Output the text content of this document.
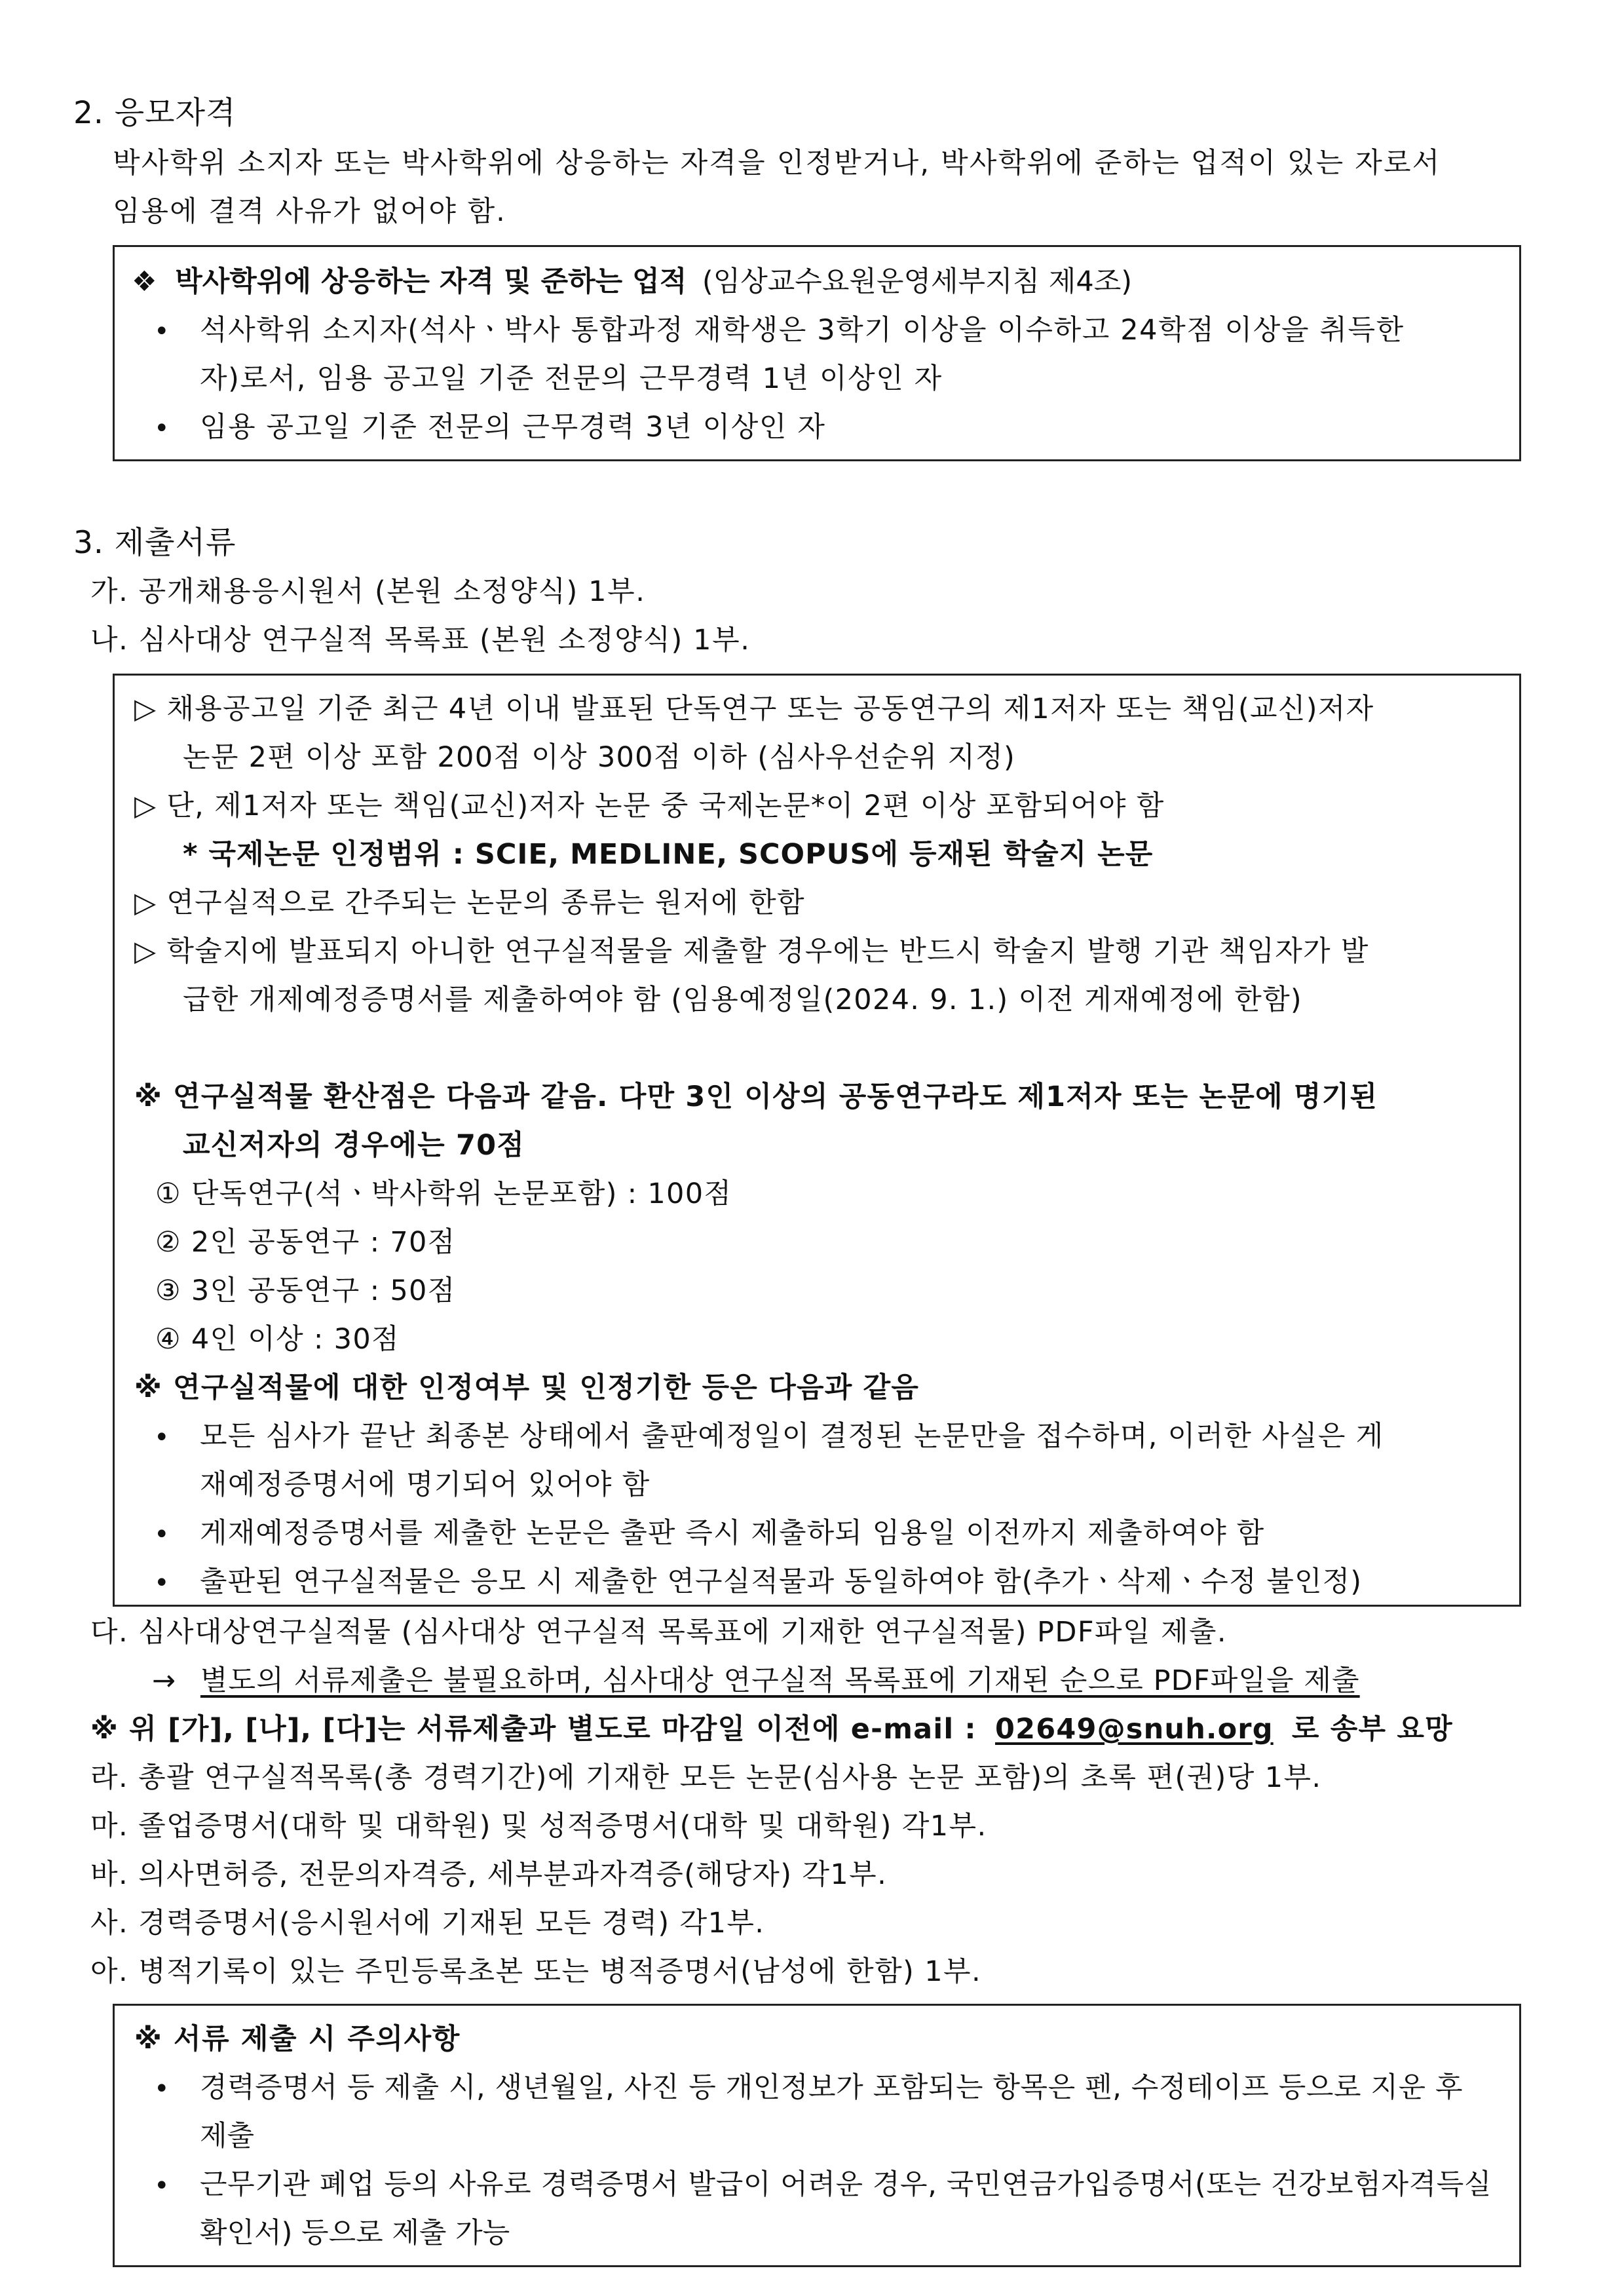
2. 응모자격
박사학위 소지자 또는 박사학위에 상응하는 자격을 인정받거나, 박사학위에 준하는 업적이 있는 자로서
임용에 결격 사유가 없어야 함.
❖ 박사학위에 상응하는 자격 및 준하는 업적 (임상교수요원운영세부지침 제4조)
• 석사학위 소지자(석사ㆍ박사 통합과정 재학생은 3학기 이상을 이수하고 24학점 이상을 취득한
자)로서, 임용 공고일 기준 전문의 근무경력 1년 이상인 자
• 임용 공고일 기준 전문의 근무경력 3년 이상인 자
3. 제출서류
가. 공개채용응시원서 (본원 소정양식) 1부.
나. 심사대상 연구실적 목록표 (본원 소정양식) 1부.
▷ 채용공고일 기준 최근 4년 이내 발표된 단독연구 또는 공동연구의 제1저자 또는 책임(교신)저자
논문 2편 이상 포함 200점 이상 300점 이하 (심사우선순위 지정)
▷ 단, 제1저자 또는 책임(교신)저자 논문 중 국제논문*이 2편 이상 포함되어야 함
* 국제논문 인정범위 : SCIE, MEDLINE, SCOPUS에 등재된 학술지 논문
▷ 연구실적으로 간주되는 논문의 종류는 원저에 한함
▷ 학술지에 발표되지 아니한 연구실적물을 제출할 경우에는 반드시 학술지 발행 기관 책임자가 발
급한 개제예정증명서를 제출하여야 함 (임용예정일(2024. 9. 1.) 이전 게재예정에 한함)
※ 연구실적물 환산점은 다음과 같음. 다만 3인 이상의 공동연구라도 제1저자 또는 논문에 명기된
교신저자의 경우에는 70점
① 단독연구(석ㆍ박사학위 논문포함) : 100점
② 2인 공동연구 : 70점
③ 3인 공동연구 : 50점
④ 4인 이상 : 30점
※ 연구실적물에 대한 인정여부 및 인정기한 등은 다음과 같음
• 모든 심사가 끝난 최종본 상태에서 출판예정일이 결정된 논문만을 접수하며, 이러한 사실은 게
재예정증명서에 명기되어 있어야 함
• 게재예정증명서를 제출한 논문은 출판 즉시 제출하되 임용일 이전까지 제출하여야 함
• 출판된 연구실적물은 응모 시 제출한 연구실적물과 동일하여야 함(추가ㆍ삭제ㆍ수정 불인정)
다. 심사대상연구실적물 (심사대상 연구실적 목록표에 기재한 연구실적물) PDF파일 제출.
→ 별도의 서류제출은 불필요하며, 심사대상 연구실적 목록표에 기재된 순으로 PDF파일을 제출
※ 위 [가], [나], [다]는 서류제출과 별도로 마감일 이전에 e-mail : 02649@snuh.org 로 송부 요망
라. 총괄 연구실적목록(총 경력기간)에 기재한 모든 논문(심사용 논문 포함)의 초록 편(권)당 1부.
마. 졸업증명서(대학 및 대학원) 및 성적증명서(대학 및 대학원) 각1부.
바. 의사면허증, 전문의자격증, 세부분과자격증(해당자) 각1부.
사. 경력증명서(응시원서에 기재된 모든 경력) 각1부.
아. 병적기록이 있는 주민등록초본 또는 병적증명서(남성에 한함) 1부.
※ 서류 제출 시 주의사항
• 경력증명서 등 제출 시, 생년월일, 사진 등 개인정보가 포함되는 항목은 펜, 수정테이프 등으로 지운 후
제출
• 근무기관 폐업 등의 사유로 경력증명서 발급이 어려운 경우, 국민연금가입증명서(또는 건강보험자격득실
확인서) 등으로 제출 가능
